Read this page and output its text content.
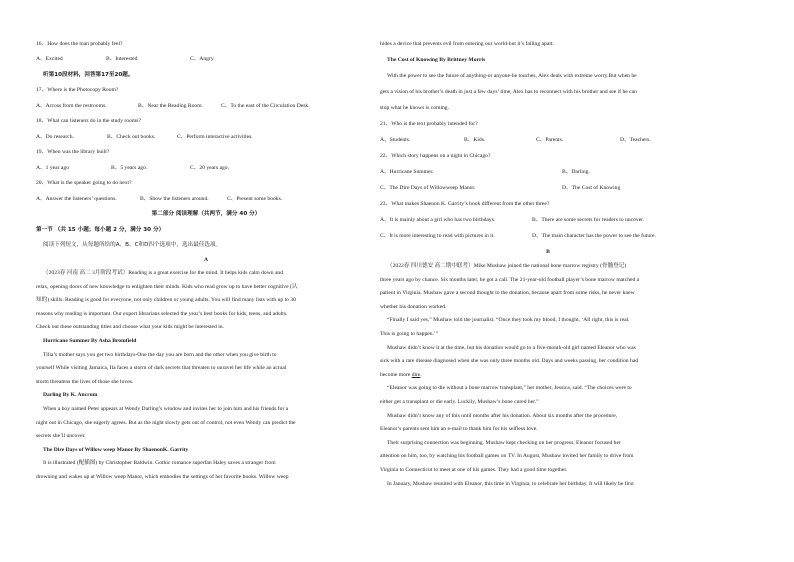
16、How does the man probably feel?

A、Excited	B、Interested	C、Angry.

听第10段材料，回答第17至20题。

17、Where is the Photocopy Room?

A、Across from the restrooms.	B、Near the Reading Room.	C、To the east of the Circulation Desk.

18、What can listeners do in the study rooms?

A、Do research.	B、Check out books.	C、Perform interactive activities.

19、When was the library built?

A、1 year ago	B、5 years ago.	C、20 years ago.

20、What is the speaker going to do next?

A、Answer the listeners’ questions.	B、Show the listeners around.	C、Present some books.

第二部分 阅读理解（共两节，满分 40 分）

第一节 （共 15 小题；每小题 2 分，满分 30 分）

阅读下列短文，从每题所给的A、B、C和D四个选项中，选出最佳选项。

A

（2023春 河南 高二 3月阶段考试）Reading is a great exercise for the mind. It helps kids calm down and

relax, opening doors of new knowledge to enlighten their minds. Kids who read grow up to have better cognitive (认

知的) skills. Reading is good for everyone, not only children or young adults. You will find many lists with up to 30

reasons why reading is important. Our expert librarians selected the year’s best books for kids, teens, and adults.

Check out these outstanding titles and choose what your kids might be interested in.

Hurricane Summer By Asha Bromfield

Tilia’s mother says you get two birthdays-One the day you are born and the other when you give birth to

yourself While visiting Jamaica, Ila faces a storm of dark secrets that threaten to unravel her life while an actual

storm threatens the lives of those she loves.

Darling By K. Ancrum

When a boy named Peter appears at Wendy Darling’s window and invites her to join him and his friends for a

night out in Chicago, she eagerly agrees. But as the night slowly gets out of control, not even Wendy can predict the

secrets she’ll uncover.

The Dire Days of Willow weep Manor By ShaenonK. Garrity

It is illustrated (配插图) by Christopher Baldwin. Gothic romance superfan Haley saves a stranger from

drowning and wakes up at Willow weep Manor, which embodies the settings of her favorite books. Willow weep

hides a device that prevents evil from entering our world-but it’s falling apart.

The Cost of Knowing By Brittney Morris

With the power to see the future of anything-or anyone-he touches, Alex deals with extreme worry.But when he

gets a vision of his brother’s death in just a few days’ time, Alex has to reconnect with his brother and see if he can

stop what he knows is coming.

21、Who is the text probably intended for?

A、Students.	B、Kids.	C、Parents.	D、Teachers.

22、Which story happens on a night in Chicago?

A、Hurricane Summer.	B、Darling.
C、The Dire Days of Willowweep Manor.	D、The Cost of Knowing

23、What makes Shaenon K. Garrity’s book different from the other three?

A、It is mainly about a girl who has two birthdays.	B、There are some secrets for readers to uncover.
C、It is more interesting to read with pictures in it.	D、The main character has the power to see the future.

B

（2022春 四川德安 高二期中联考）Mike Mushaw joined the national bone marrow registry (骨髓登记)

three years ago by chance. Six months later, he got a call. The 21-year-old football player’s bone marrow matched a

patient in Virginia. Mushaw gave a second thought to the donation, because apart from some risks, he never knew

whether his donation worked.

“Finally I said yes,” Mushaw told the journalist. “Once they took my blood, I thought, ‘All right, this is real.

This is going to happen.’”

Mushaw didn’t know it at the time, but his donation would go to a five-month-old girl named Eleanor who was

sick with a rare disease diagnosed when she was only three months old. Days and weeks passing, her condition had

become more dire.

“Eleanor was going to die without a bone marrow transplant,” her mother, Jessica, said. “The choices were to

either get a transplant or die early. Luckily, Mushaw’s bone cured her.”

Mushaw didn’t know any of this until months after his donation. About six months after the procedure,

Eleanor’s parents sent him an e-mail to thank him for his selfless love.

Their surprising connection was beginning. Mushaw kept checking on her progress. Eleanor focused her

attention on him, too, by watching his football games on TV. In August, Mushaw invited her family to drive from

Virginia to Connecticut to meet at one of his games. They had a good time together.

In January, Mushaw reunited with Eleanor, this time in Virginia, to celebrate her birthday. It will likely be first
